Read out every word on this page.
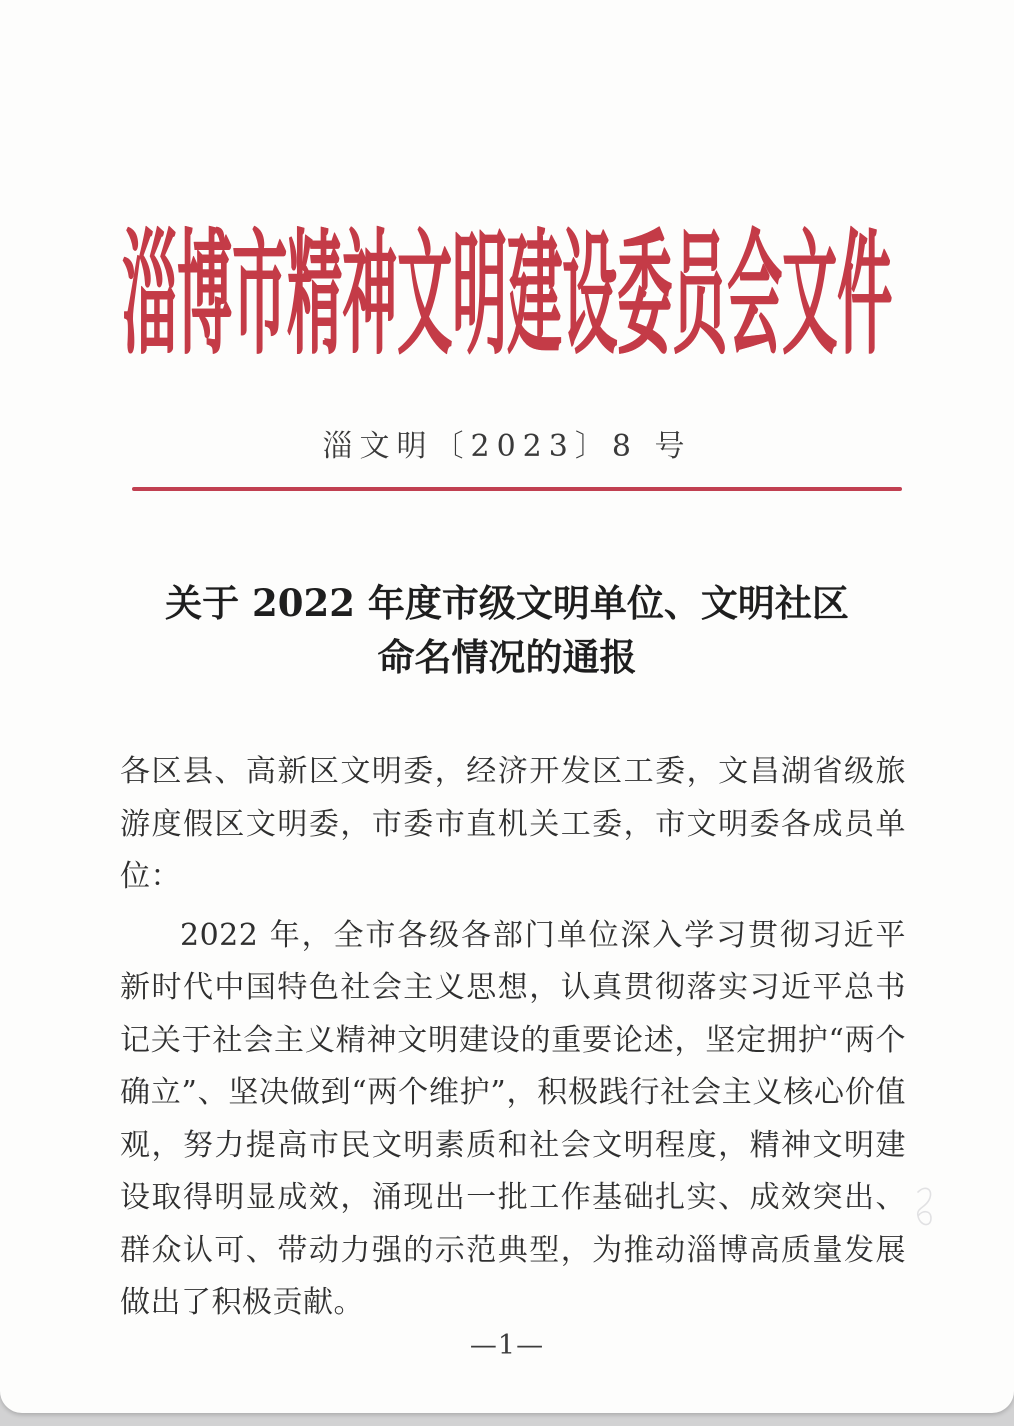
淄博市精神文明建设委员会文件
淄文明〔2023〕8 号
关于 2022 年度市级文明单位、文明社区
命名情况的通报

各区县、高新区文明委，经济开发区工委，文昌湖省级旅游度假区文明委，市委市直机关工委，市文明委各成员单位：

2022 年，全市各级各部门单位深入学习贯彻习近平新时代中国特色社会主义思想，认真贯彻落实习近平总书记关于社会主义精神文明建设的重要论述，坚定拥护“两个确立”、坚决做到“两个维护”，积极践行社会主义核心价值观，努力提高市民文明素质和社会文明程度，精神文明建设取得明显成效，涌现出一批工作基础扎实、成效突出、群众认可、带动力强的示范典型，为推动淄博高质量发展做出了积极贡献。

—1—
